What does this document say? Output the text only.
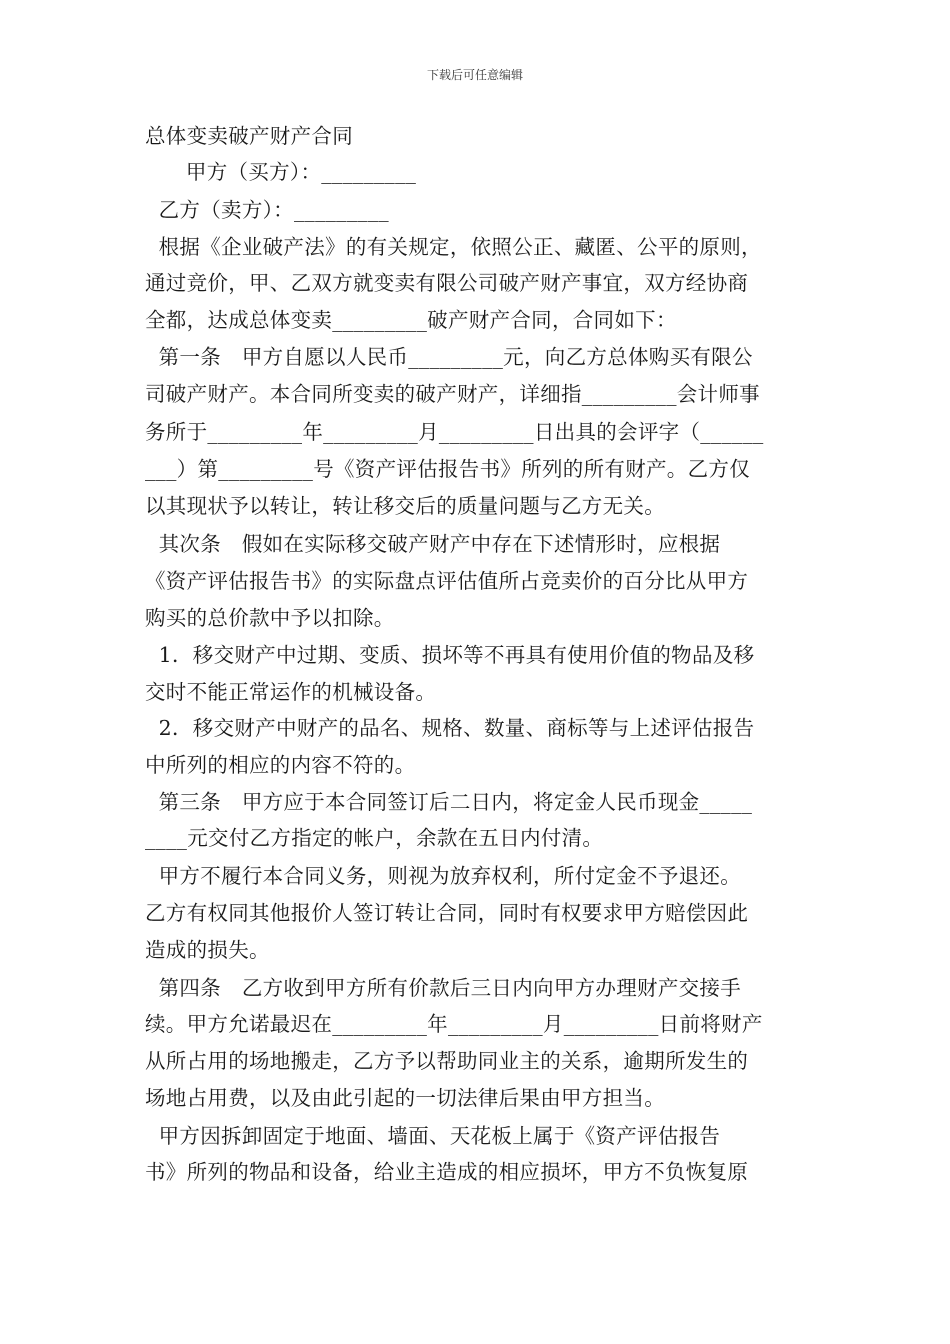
下载后可任意编辑
总体变卖破产财产合同
甲方（买方）：_________
乙方（卖方）：_________
根据《企业破产法》的有关规定，依照公正、藏匿、公平的原则，
通过竞价，甲、乙双方就变卖有限公司破产财产事宜，双方经协商
全都，达成总体变卖_________破产财产合同，合同如下：
第一条　甲方自愿以人民币_________元，向乙方总体购买有限公
司破产财产。本合同所变卖的破产财产，详细指_________会计师事
务所于_________年_________月_________日出具的会评字（______
___）第_________号《资产评估报告书》所列的所有财产。乙方仅
以其现状予以转让，转让移交后的质量问题与乙方无关。
其次条　假如在实际移交破产财产中存在下述情形时，应根据
《资产评估报告书》的实际盘点评估值所占竞卖价的百分比从甲方
购买的总价款中予以扣除。
1．移交财产中过期、变质、损坏等不再具有使用价值的物品及移
交时不能正常运作的机械设备。
2．移交财产中财产的品名、规格、数量、商标等与上述评估报告
中所列的相应的内容不符的。
第三条　甲方应于本合同签订后二日内，将定金人民币现金_____
____元交付乙方指定的帐户，余款在五日内付清。
甲方不履行本合同义务，则视为放弃权利，所付定金不予退还。
乙方有权同其他报价人签订转让合同，同时有权要求甲方赔偿因此
造成的损失。
第四条　乙方收到甲方所有价款后三日内向甲方办理财产交接手
续。甲方允诺最迟在_________年_________月_________日前将财产
从所占用的场地搬走，乙方予以帮助同业主的关系，逾期所发生的
场地占用费，以及由此引起的一切法律后果由甲方担当。
甲方因拆卸固定于地面、墙面、天花板上属于《资产评估报告
书》所列的物品和设备，给业主造成的相应损坏，甲方不负恢复原
